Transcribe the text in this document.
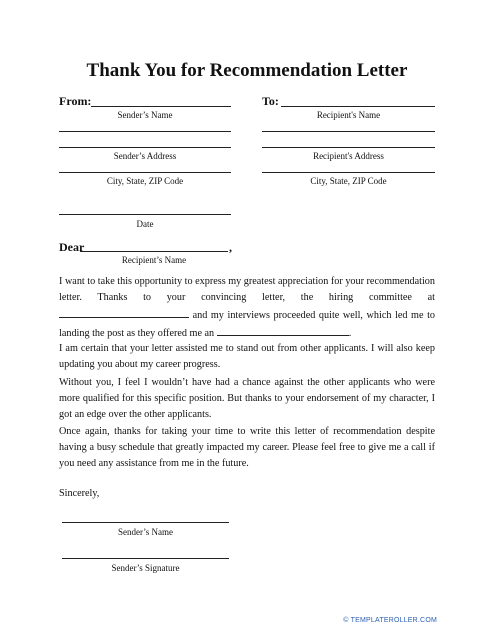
Thank You for Recommendation Letter
From:
Sender’s Name
Sender’s Address
City, State, ZIP Code
To:
Recipient's Name
Recipient's Address
City, State, ZIP Code
Date
Dear	,
Recipient’s Name

I want to take this opportunity to express my greatest appreciation for your recommendation letter. Thanks to your convincing letter, the hiring committee at  and my interviews proceeded quite well, which led me to landing the post as they offered me an	.

I am certain that your letter assisted me to stand out from other applicants. I will also keep updating you about my career progress.

Without you, I feel I wouldn’t have had a chance against the other applicants who were more qualified for this specific position. But thanks to your endorsement of my character, I got an edge over the other applicants.

Once again, thanks for taking your time to write this letter of recommendation despite having a busy schedule that greatly impacted my career. Please feel free to give me a call if you need any assistance from me in the future.

Sincerely,
Sender’s Name
Sender’s Signature
© TEMPLATEROLLER.COM
